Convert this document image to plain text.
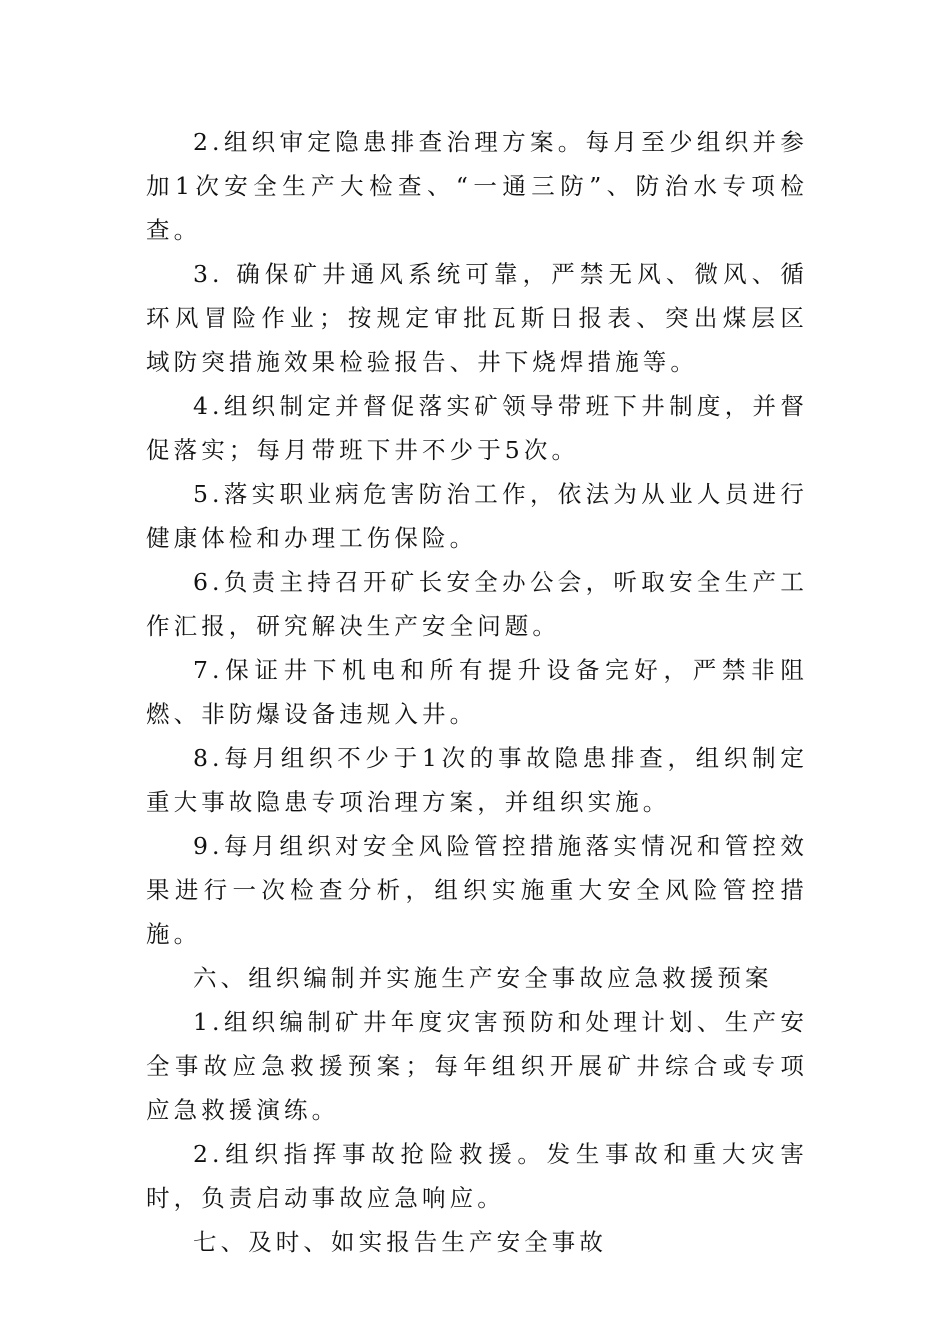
2.组织审定隐患排查治理方案。每月至少组织并参加1次安全生产大检查、“一通三防”、防治水专项检查。

3. 确保矿井通风系统可靠，严禁无风、微风、循环风冒险作业；按规定审批瓦斯日报表、突出煤层区域防突措施效果检验报告、井下烧焊措施等。

4.组织制定并督促落实矿领导带班下井制度，并督促落实；每月带班下井不少于5次。

5.落实职业病危害防治工作，依法为从业人员进行健康体检和办理工伤保险。

6.负责主持召开矿长安全办公会，听取安全生产工作汇报，研究解决生产安全问题。

7.保证井下机电和所有提升设备完好，严禁非阻燃、非防爆设备违规入井。

8.每月组织不少于1次的事故隐患排查，组织制定重大事故隐患专项治理方案，并组织实施。

9.每月组织对安全风险管控措施落实情况和管控效果进行一次检查分析，组织实施重大安全风险管控措施。

六、组织编制并实施生产安全事故应急救援预案

1.组织编制矿井年度灾害预防和处理计划、生产安全事故应急救援预案；每年组织开展矿井综合或专项应急救援演练。

2.组织指挥事故抢险救援。发生事故和重大灾害时，负责启动事故应急响应。

七、及时、如实报告生产安全事故
